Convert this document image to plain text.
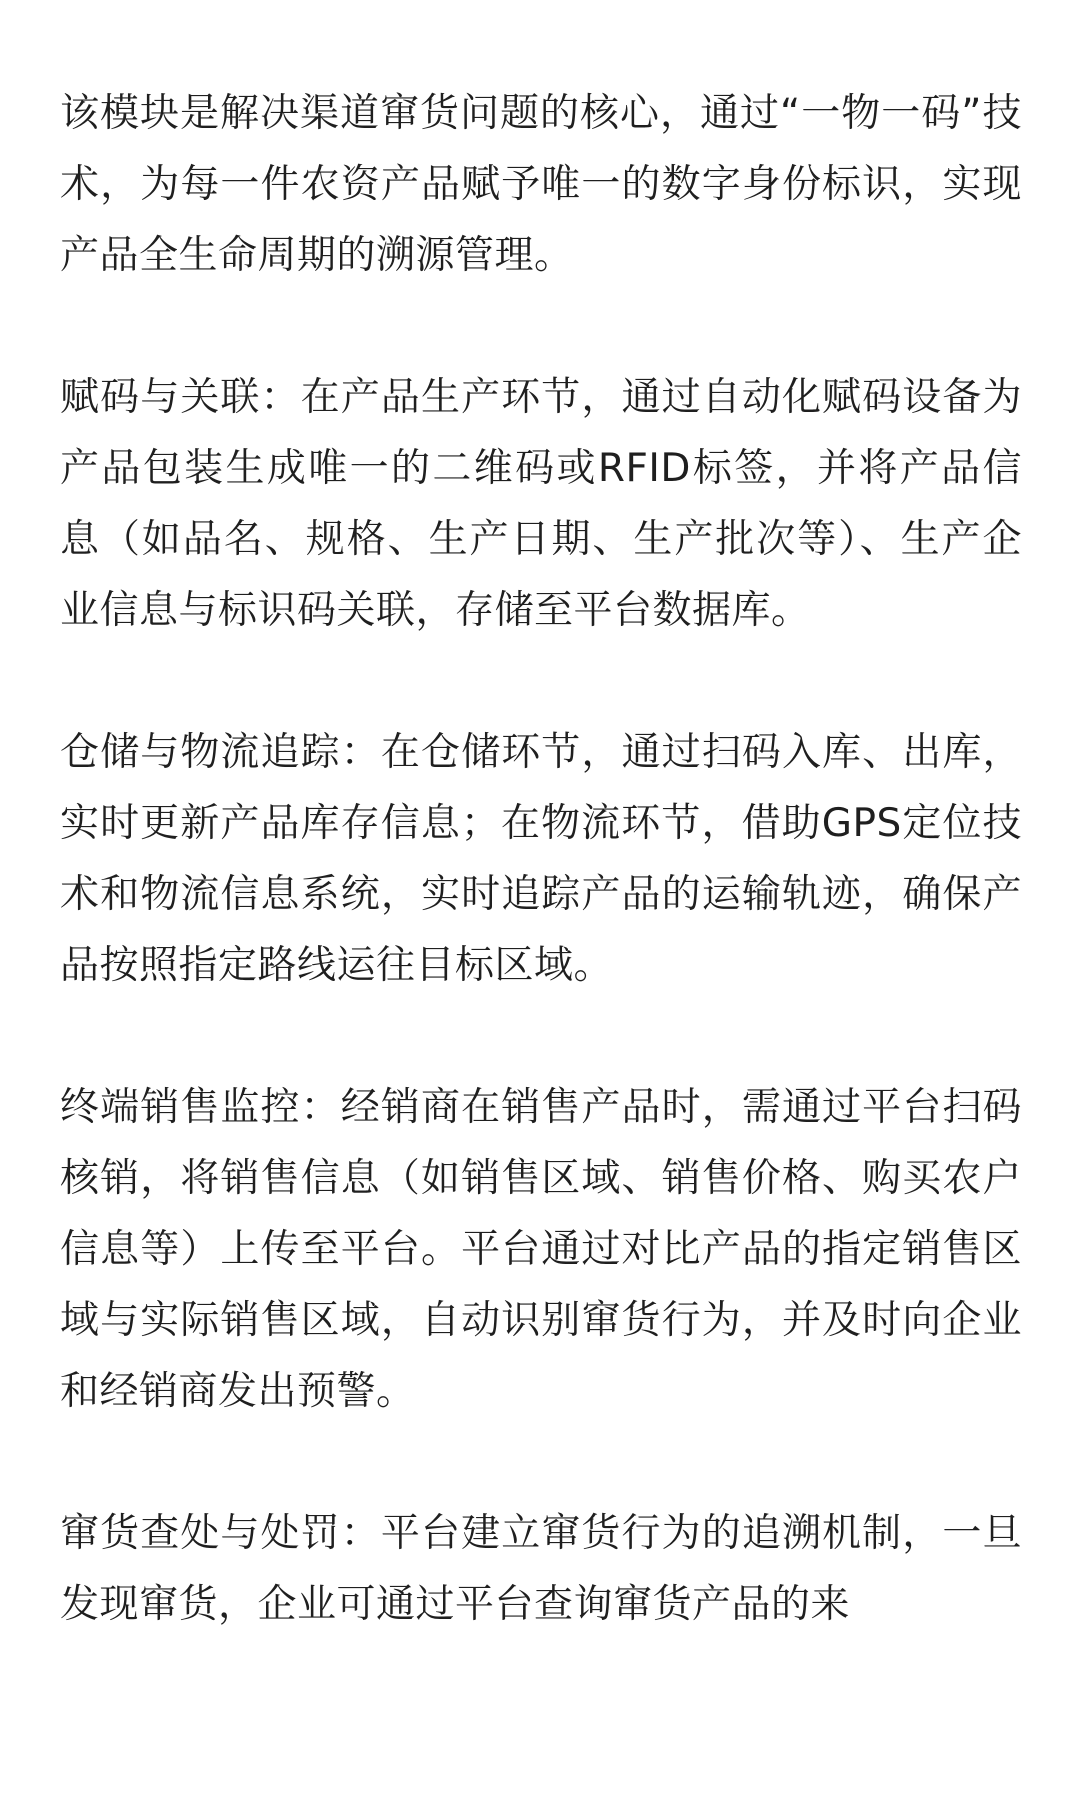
该模块是解决渠道窜货问题的核心，通过“一物一码”技术，为每一件农资产品赋予唯一的数字身份标识，实现产品全生命周期的溯源管理。

赋码与关联：在产品生产环节，通过自动化赋码设备为产品包装生成唯一的二维码或RFID标签，并将产品信息（如品名、规格、生产日期、生产批次等）、生产企业信息与标识码关联，存储至平台数据库。

仓储与物流追踪：在仓储环节，通过扫码入库、出库，实时更新产品库存信息；在物流环节，借助GPS定位技术和物流信息系统，实时追踪产品的运输轨迹，确保产品按照指定路线运往目标区域。

终端销售监控：经销商在销售产品时，需通过平台扫码核销，将销售信息（如销售区域、销售价格、购买农户信息等）上传至平台。平台通过对比产品的指定销售区域与实际销售区域，自动识别窜货行为，并及时向企业和经销商发出预警。

窜货查处与处罚：平台建立窜货行为的追溯机制，一旦发现窜货，企业可通过平台查询窜货产品的来
